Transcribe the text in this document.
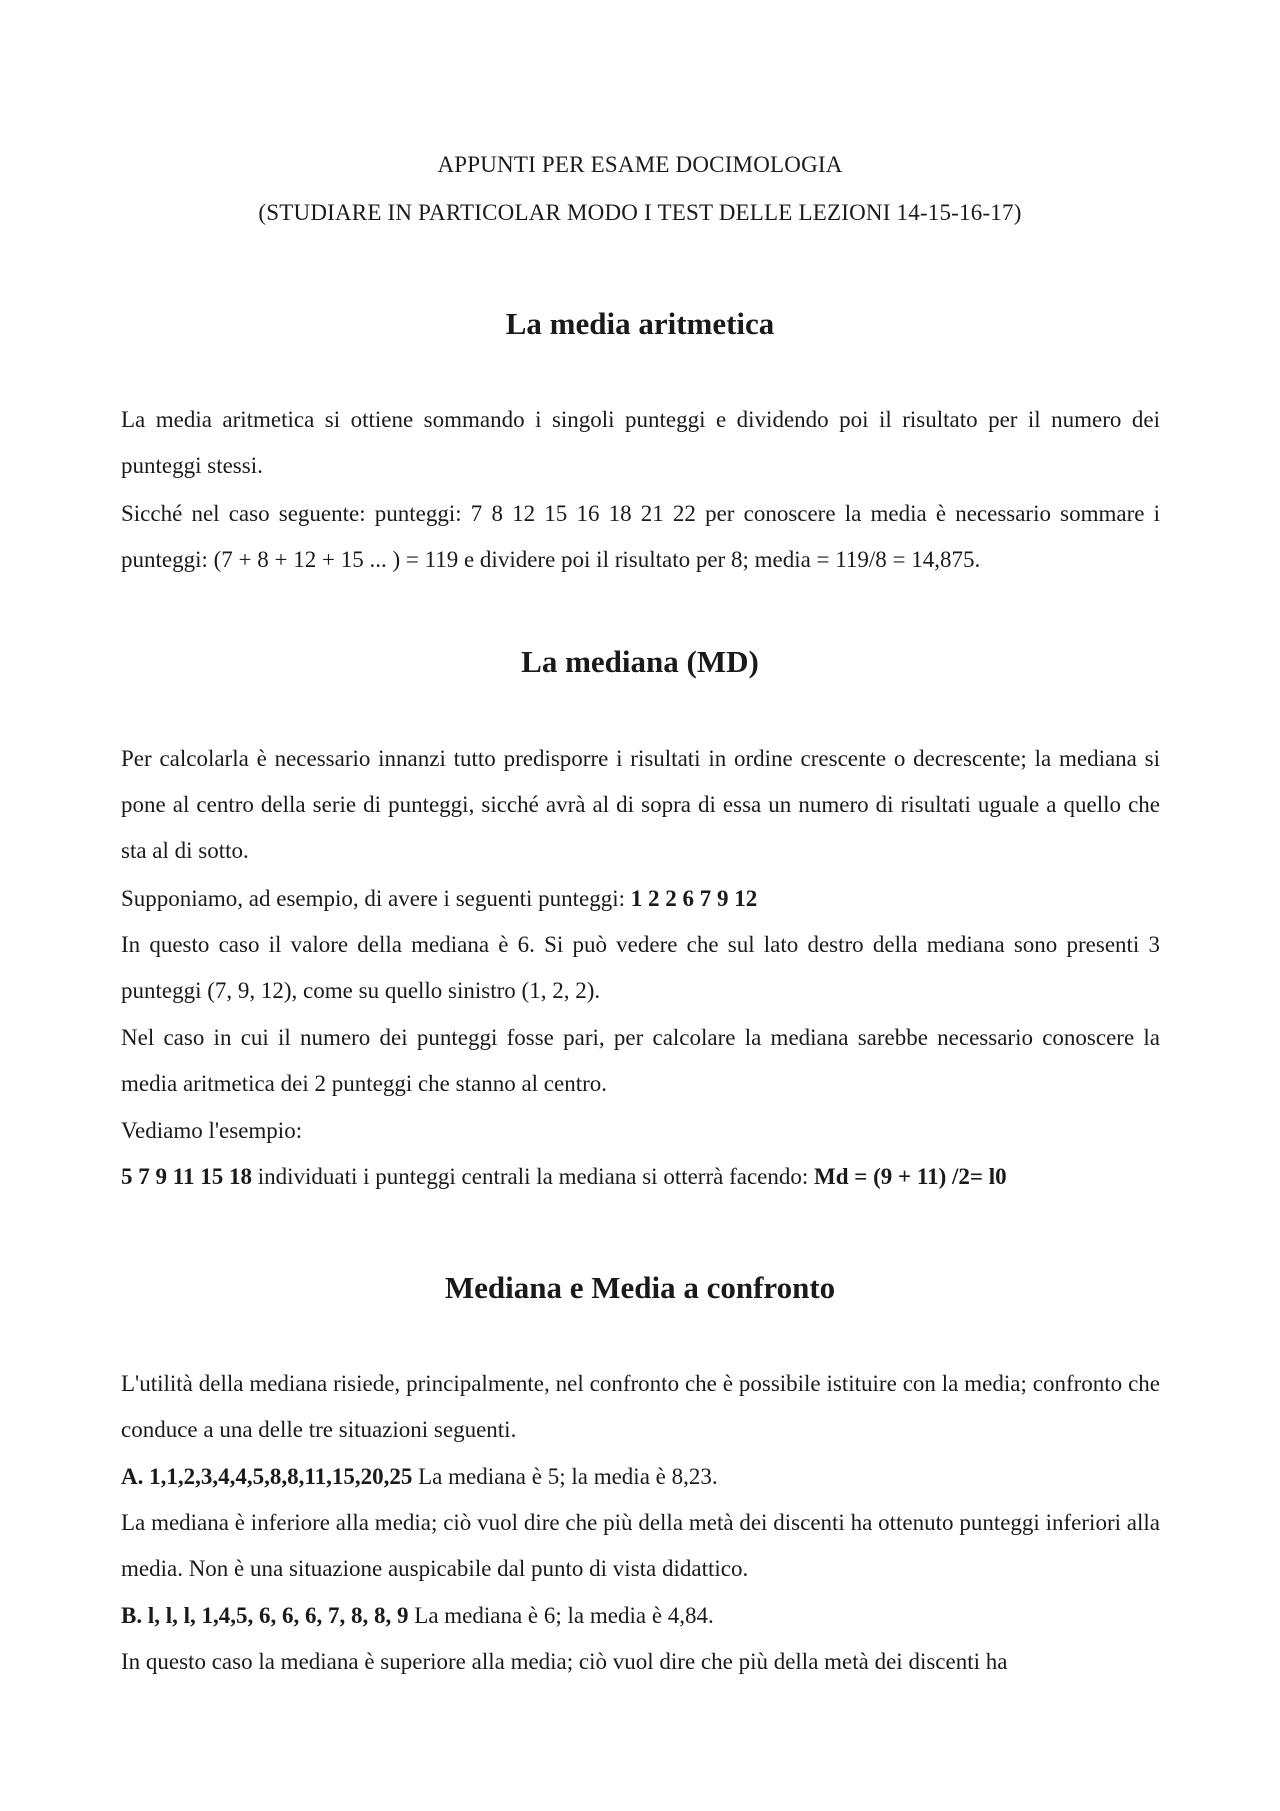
APPUNTI PER ESAME DOCIMOLOGIA
(STUDIARE IN PARTICOLAR MODO I TEST DELLE LEZIONI 14-15-16-17)
La media aritmetica

La media aritmetica si ottiene sommando i singoli punteggi e dividendo poi il risultato per il numero dei punteggi stessi.

Sicché nel caso seguente: punteggi: 7 8 12 15 16 18 21 22 per conoscere la media è necessario sommare i punteggi: (7 + 8 + 12 + 15 ... ) = 119 e dividere poi il risultato per 8; media = 119/8 = 14,875.

La mediana (MD)

Per calcolarla è necessario innanzi tutto predisporre i risultati in ordine crescente o decrescente; la mediana si pone al centro della serie di punteggi, sicché avrà al di sopra di essa un numero di risultati uguale a quello che sta al di sotto.

Supponiamo, ad esempio, di avere i seguenti punteggi: 1 2 2 6 7 9 12

In questo caso il valore della mediana è 6. Si può vedere che sul lato destro della mediana sono presenti 3 punteggi (7, 9, 12), come su quello sinistro (1, 2, 2).

Nel caso in cui il numero dei punteggi fosse pari, per calcolare la mediana sarebbe necessario conoscere la media aritmetica dei 2 punteggi che stanno al centro.

Vediamo l'esempio:

5 7 9 11 15 18 individuati i punteggi centrali la mediana si otterrà facendo: Md = (9 + 11) /2= l0

Mediana e Media a confronto

L'utilità della mediana risiede, principalmente, nel confronto che è possibile istituire con la media; confronto che conduce a una delle tre situazioni seguenti.

A. 1,1,2,3,4,4,5,8,8,11,15,20,25 La mediana è 5; la media è 8,23.

La mediana è inferiore alla media; ciò vuol dire che più della metà dei discenti ha ottenuto punteggi inferiori alla media. Non è una situazione auspicabile dal punto di vista didattico.

B. l, l, l, 1,4,5, 6, 6, 6, 7, 8, 8, 9 La mediana è 6; la media è 4,84.

In questo caso la mediana è superiore alla media; ciò vuol dire che più della metà dei discenti ha
